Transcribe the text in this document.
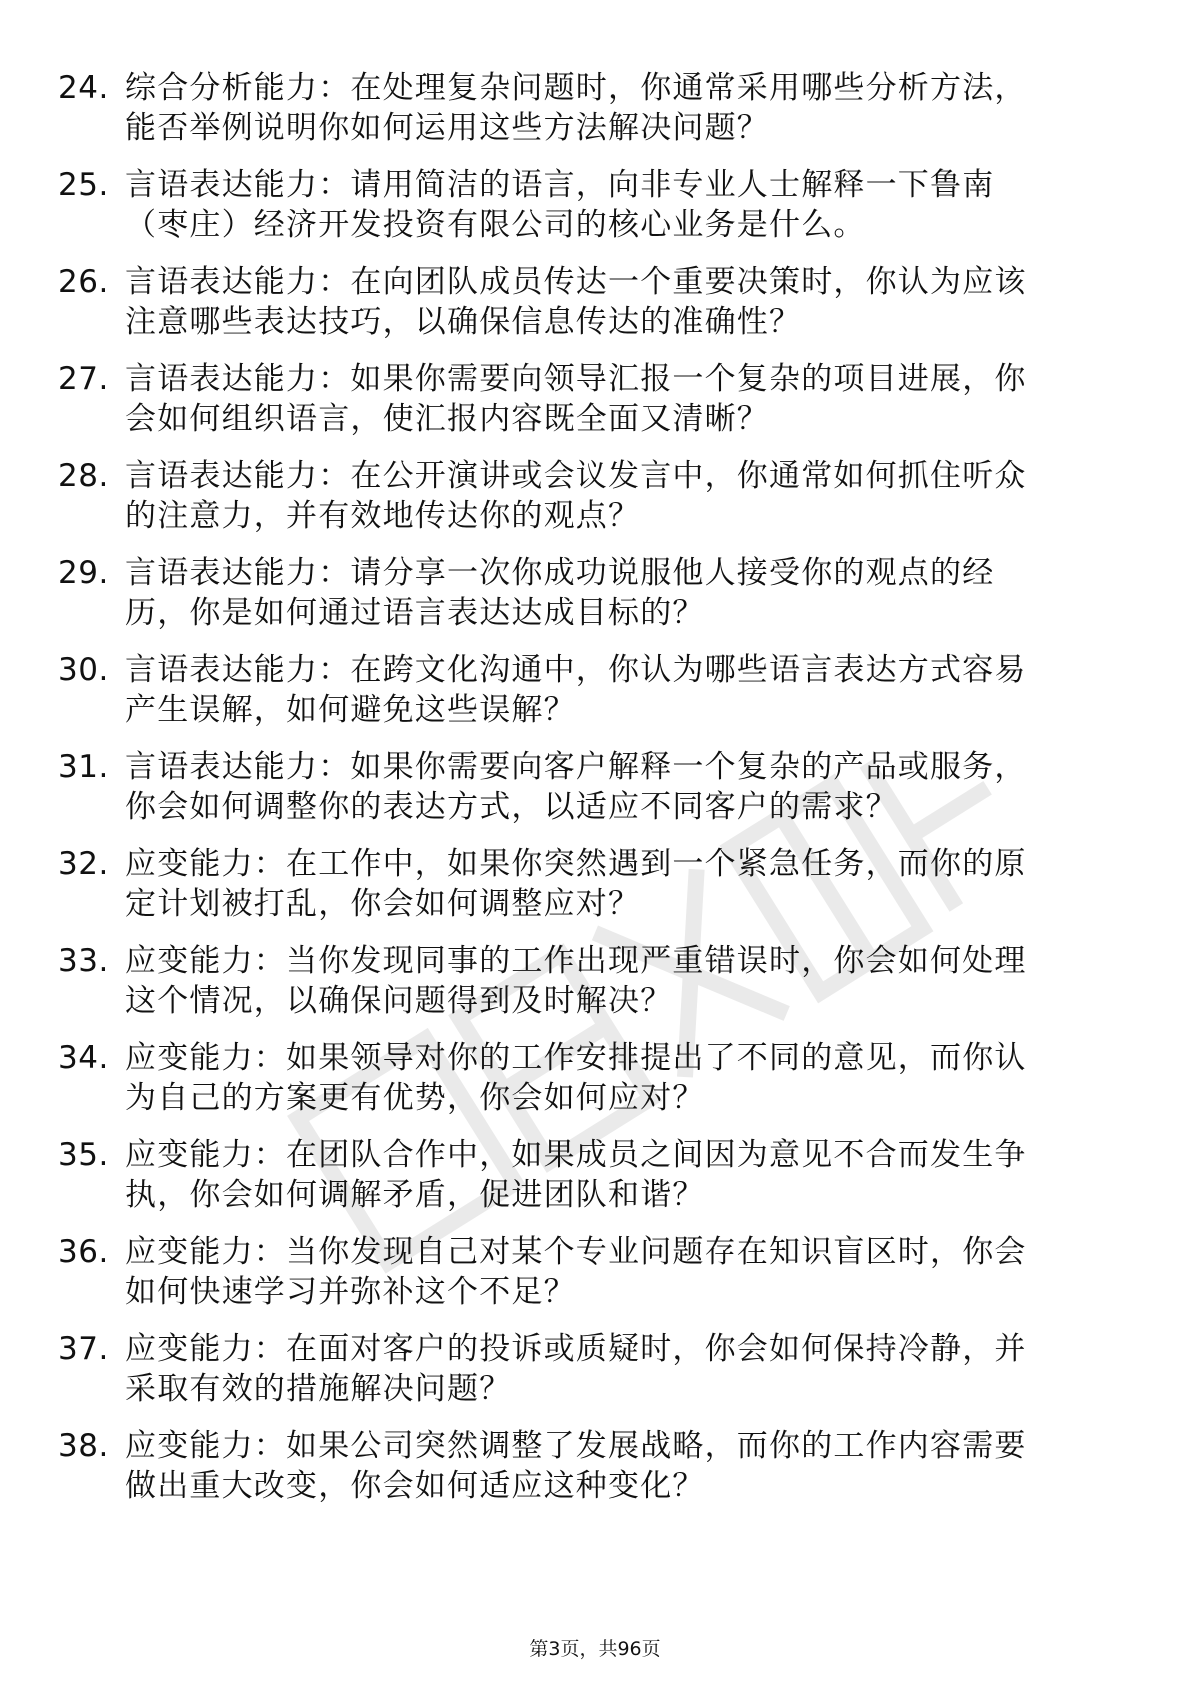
24. 综合分析能力：在处理复杂问题时，你通常采用哪些分析方法，
能否举例说明你如何运用这些方法解决问题？
25. 言语表达能力：请用简洁的语言，向非专业人士解释一下鲁南
（枣庄）经济开发投资有限公司的核心业务是什么。
26. 言语表达能力：在向团队成员传达一个重要决策时，你认为应该
注意哪些表达技巧，以确保信息传达的准确性？
27. 言语表达能力：如果你需要向领导汇报一个复杂的项目进展，你
会如何组织语言，使汇报内容既全面又清晰？
28. 言语表达能力：在公开演讲或会议发言中，你通常如何抓住听众
的注意力，并有效地传达你的观点？
29. 言语表达能力：请分享一次你成功说服他人接受你的观点的经
历，你是如何通过语言表达达成目标的？
30. 言语表达能力：在跨文化沟通中，你认为哪些语言表达方式容易
产生误解，如何避免这些误解？
31. 言语表达能力：如果你需要向客户解释一个复杂的产品或服务，
你会如何调整你的表达方式，以适应不同客户的需求？
32. 应变能力：在工作中，如果你突然遇到一个紧急任务，而你的原
定计划被打乱，你会如何调整应对？
33. 应变能力：当你发现同事的工作出现严重错误时，你会如何处理
这个情况，以确保问题得到及时解决？
34. 应变能力：如果领导对你的工作安排提出了不同的意见，而你认
为自己的方案更有优势，你会如何应对？
35. 应变能力：在团队合作中，如果成员之间因为意见不合而发生争
执，你会如何调解矛盾，促进团队和谐？
36. 应变能力：当你发现自己对某个专业问题存在知识盲区时，你会
如何快速学习并弥补这个不足？
37. 应变能力：在面对客户的投诉或质疑时，你会如何保持冷静，并
采取有效的措施解决问题？
38. 应变能力：如果公司突然调整了发展战略，而你的工作内容需要
做出重大改变，你会如何适应这种变化？
第3页，共96页
